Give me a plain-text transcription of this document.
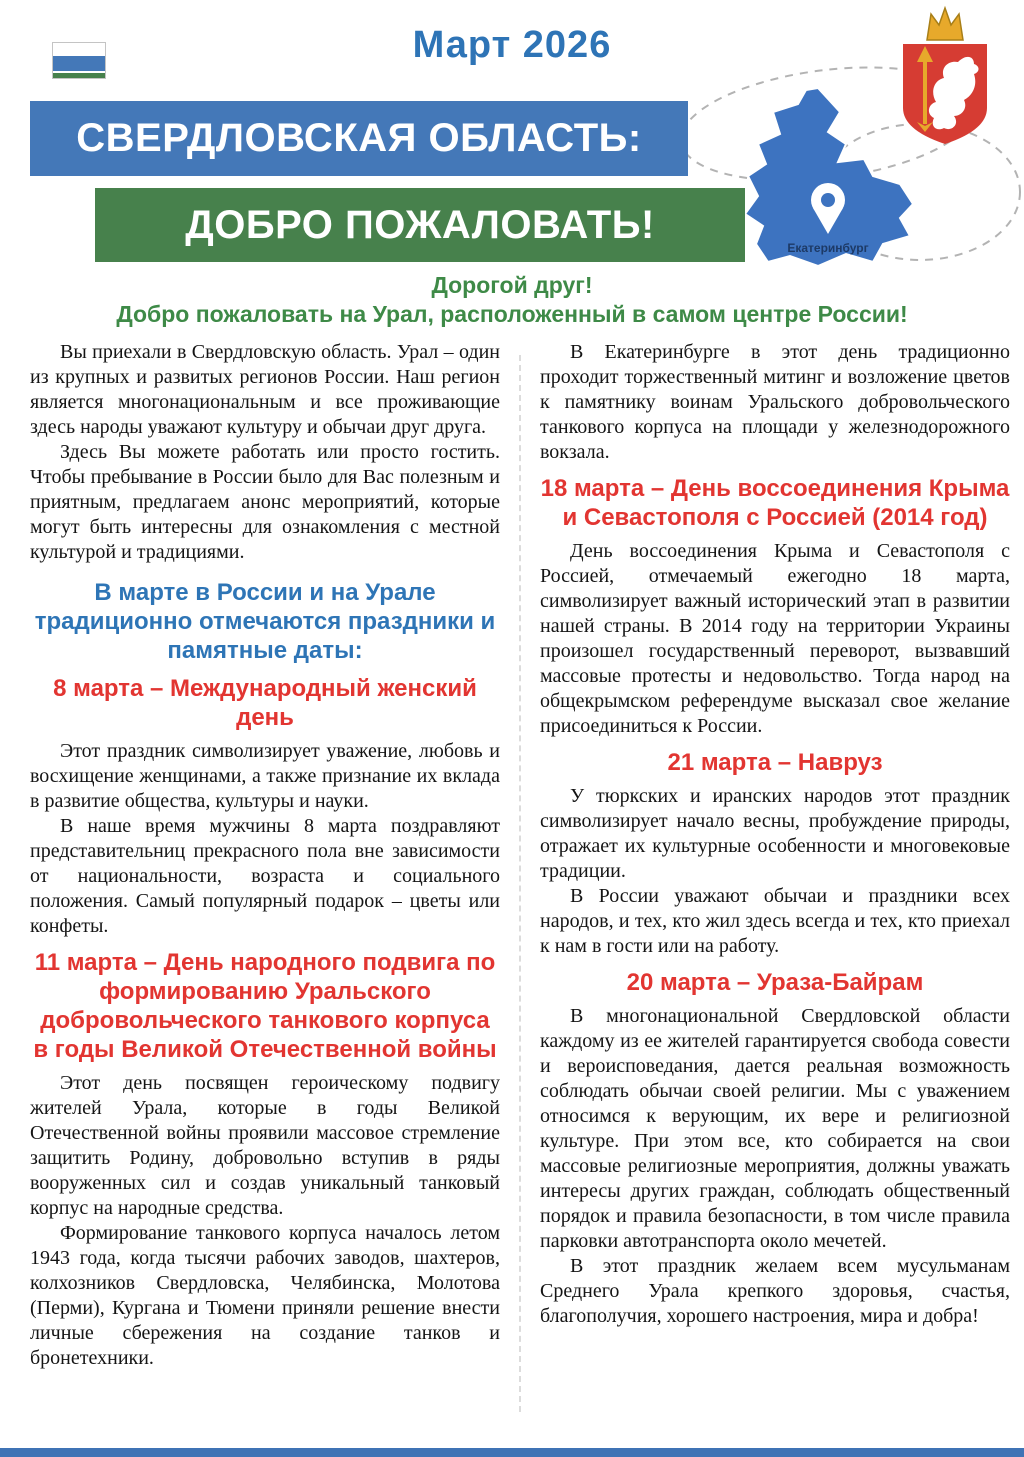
Март 2026
Екатеринбург
СВЕРДЛОВСКАЯ ОБЛАСТЬ:
ДОБРО ПОЖАЛОВАТЬ!
Дорогой друг!
Добро пожаловать на Урал, расположенный в самом центре России!

Вы приехали в Свердловскую область. Урал – один из крупных и развитых регионов России. Наш регион является многонациональным и все проживающие здесь народы уважают культуру и обычаи друг друга.

Здесь Вы можете работать или просто гостить. Чтобы пребывание в России было для Вас полезным и приятным, предлагаем анонс мероприятий, которые могут быть интересны для ознакомления с местной культурой и традициями.

В марте в России и на Урале традиционно отмечаются праздники и памятные даты:
8 марта – Международный женский день

Этот праздник символизирует уважение, любовь и восхищение женщинами, а также признание их вклада в развитие общества, культуры и науки.

В наше время мужчины 8 марта поздравляют представительниц прекрасного пола вне зависимости от национальности, возраста и социального положения. Самый популярный подарок – цветы или конфеты.

11 марта – День народного подвига по формированию Уральского добровольческого танкового корпуса в годы Великой Отечественной войны

Этот день посвящен героическому подвигу жителей Урала, которые в годы Великой Отечественной войны проявили массовое стремление защитить Родину, добровольно вступив в ряды вооруженных сил и создав уникальный танковый корпус на народные средства.

Формирование танкового корпуса началось летом 1943 года, когда тысячи рабочих заводов, шахтеров, колхозников Свердловска, Челябинска, Молотова (Перми), Кургана и Тюмени приняли решение внести личные сбережения на создание танков и бронетехники.

В Екатеринбурге в этот день традиционно проходит торжественный митинг и возложение цветов к памятнику воинам Уральского добровольческого танкового корпуса на площади у железнодорожного вокзала.

18 марта – День воссоединения Крыма и Севастополя с Россией (2014 год)

День воссоединения Крыма и Севастополя с Россией, отмечаемый ежегодно 18 марта, символизирует важный исторический этап в развитии нашей страны. В 2014 году на территории Украины произошел государственный переворот, вызвавший массовые протесты и недовольство. Тогда народ на общекрымском референдуме высказал свое желание присоединиться к России.

21 марта – Навруз

У тюркских и иранских народов этот праздник символизирует начало весны, пробуждение природы, отражает их культурные особенности и многовековые традиции.

В России уважают обычаи и праздники всех народов, и тех, кто жил здесь всегда и тех, кто приехал к нам в гости или на работу.

20 марта – Ураза-Байрам

В многонациональной Свердловской области каждому из ее жителей гарантируется свобода совести и вероисповедания, дается реальная возможность соблюдать обычаи своей религии. Мы с уважением относимся к верующим, их вере и религиозной культуре. При этом все, кто собирается на свои массовые религиозные мероприятия, должны уважать интересы других граждан, соблюдать общественный порядок и правила безопасности, в том числе правила парковки автотранспорта около мечетей.

В этот праздник желаем всем мусульманам Среднего Урала крепкого здоровья, счастья, благополучия, хорошего настроения, мира и добра!
